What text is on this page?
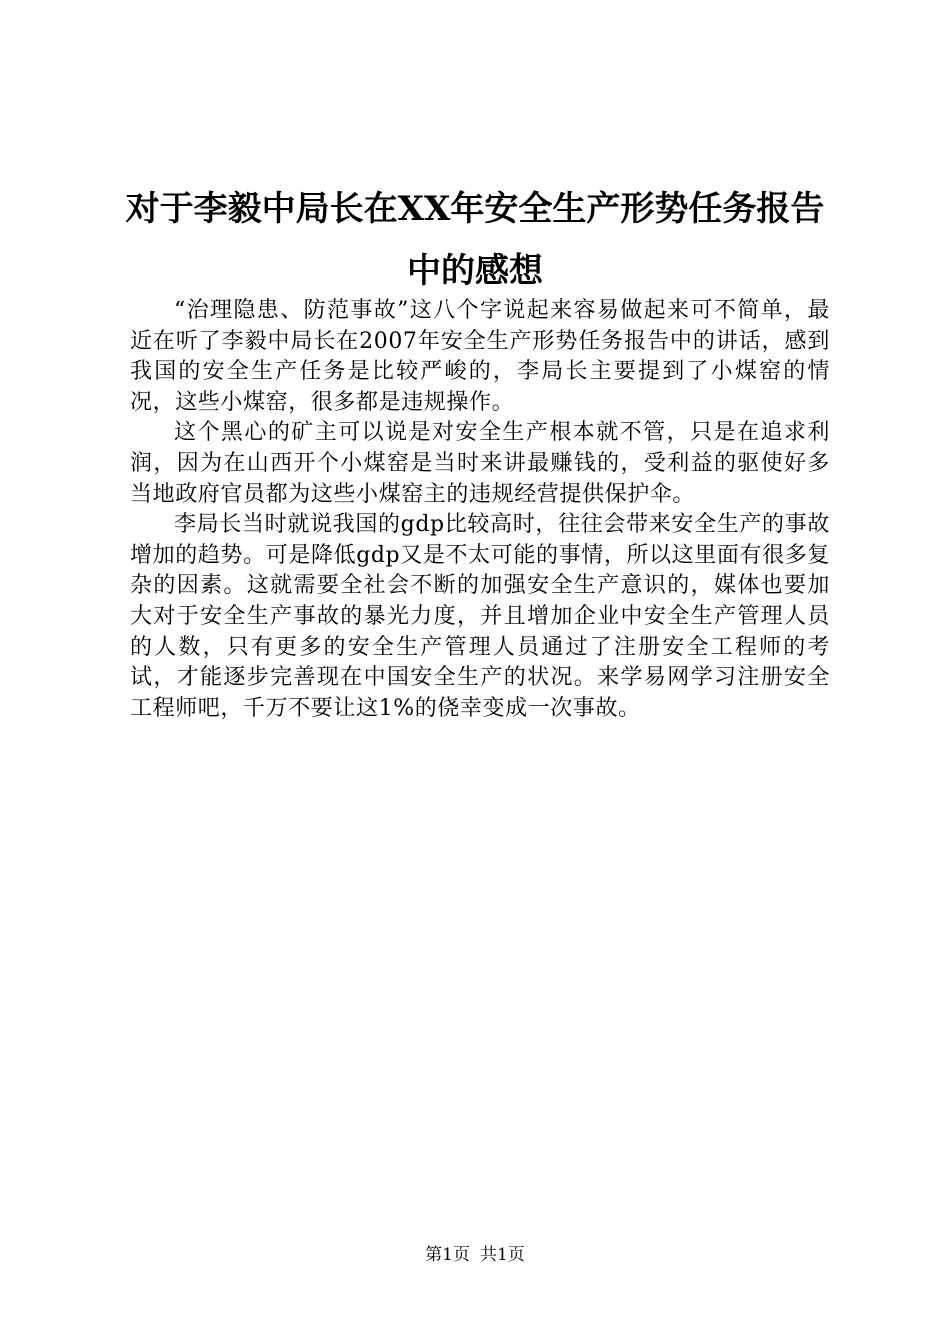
对于李毅中局长在XX年安全生产形势任务报告中的感想

“治理隐患、防范事故”这八个字说起来容易做起来可不简单，最近在听了李毅中局长在2007年安全生产形势任务报告中的讲话，感到我国的安全生产任务是比较严峻的，李局长主要提到了小煤窑的情况，这些小煤窑，很多都是违规操作。

这个黑心的矿主可以说是对安全生产根本就不管，只是在追求利润，因为在山西开个小煤窑是当时来讲最赚钱的，受利益的驱使好多当地政府官员都为这些小煤窑主的违规经营提供保护伞。

李局长当时就说我国的gdp比较高时，往往会带来安全生产的事故增加的趋势。可是降低gdp又是不太可能的事情，所以这里面有很多复杂的因素。这就需要全社会不断的加强安全生产意识的，媒体也要加大对于安全生产事故的暴光力度，并且增加企业中安全生产管理人员的人数，只有更多的安全生产管理人员通过了注册安全工程师的考试，才能逐步完善现在中国安全生产的状况。来学易网学习注册安全工程师吧，千万不要让这1%的侥幸变成一次事故。

第1页 共1页
